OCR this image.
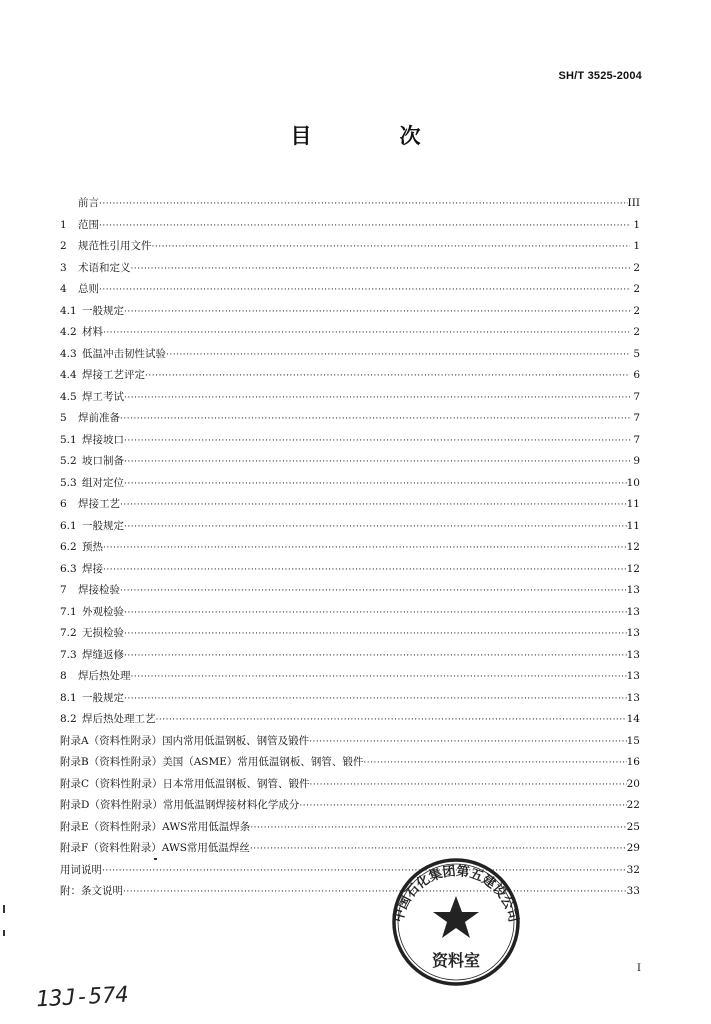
SH/T 3525-2004
目	次
前言 ·····	III
1	范围 ·····	1
2	规范性引用文件 ·····	1
3	术语和定义 ·····	2
4	总则 ·····	2
4.1 一般规定 ·····	2
4.2 材料 ·····	2
4.3 低温冲击韧性试验 ·····	5
4.4 焊接工艺评定 ·····	6
4.5 焊工考试 ·····	7
5	焊前准备 ·····	7
5.1 焊接坡口 ·····	7
5.2 坡口制备 ·····	9
5.3 组对定位 ·····	10
6	焊接工艺 ·····	11
6.1 一般规定 ·····	11
6.2 预热 ·····	12
6.3 焊接 ·····	12
7	焊接检验 ·····	13
7.1 外观检验 ·····	13
7.2 无损检验 ·····	13
7.3 焊缝返修 ·····	13
8	焊后热处理 ·····	13
8.1 一般规定 ·····	13
8.2 焊后热处理工艺 ·····	14
附录A（资料性附录）国内常用低温钢板、钢管及锻件 ·····	15
附录B（资料性附录）美国（ASME）常用低温钢板、钢管、锻件 ·····	16
附录C（资料性附录）日本常用低温钢板、钢管、锻件 ·····	20
附录D（资料性附录）常用低温钢焊接材料化学成分 ·····	22
附录E（资料性附录）AWS常用低温焊条 ·····	25
附录F（资料性附录）AWS常用低温焊丝 ·····	29
用词说明 ·····	32
附：条文说明 ·····	33
中国石化集团第五建设公司
资料室	I
13J-574
